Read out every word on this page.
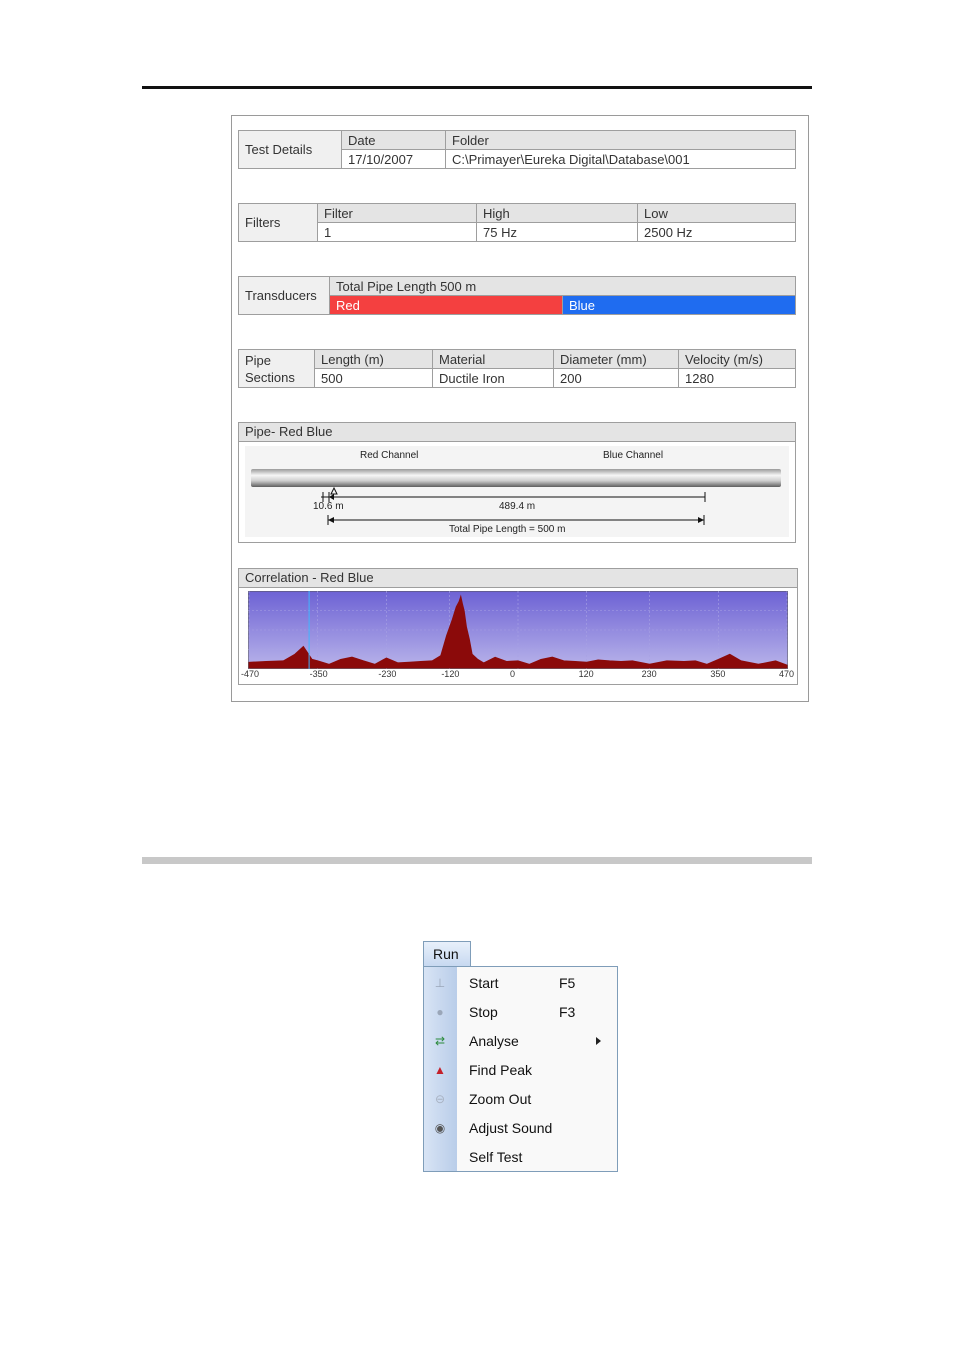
Test Details	Date	Folder
	17/10/2007	C:\Primayer\Eureka Digital\Database\001
Filters	Filter	High	Low
	1	75 Hz	2500 Hz
Transducers	Total Pipe Length 500 m	
	Red	Blue
Pipe
Sections	Length (m)	Material	Diameter (mm)	Velocity (m/s)
	500	Ductile Iron	200	1280
Pipe- Red Blue
Red Channel	Blue Channel
10.6 m	489.4 m
Total Pipe Length = 500 m
Correlation - Red Blue
-470	-350	-230	-120	0	120	230	350	470
Run
⊥ Start	F5
●	Stop	F3
⇄ Analyse
▲ Find Peak
⊖ Zoom Out
◉ Adjust Sound
Self Test
